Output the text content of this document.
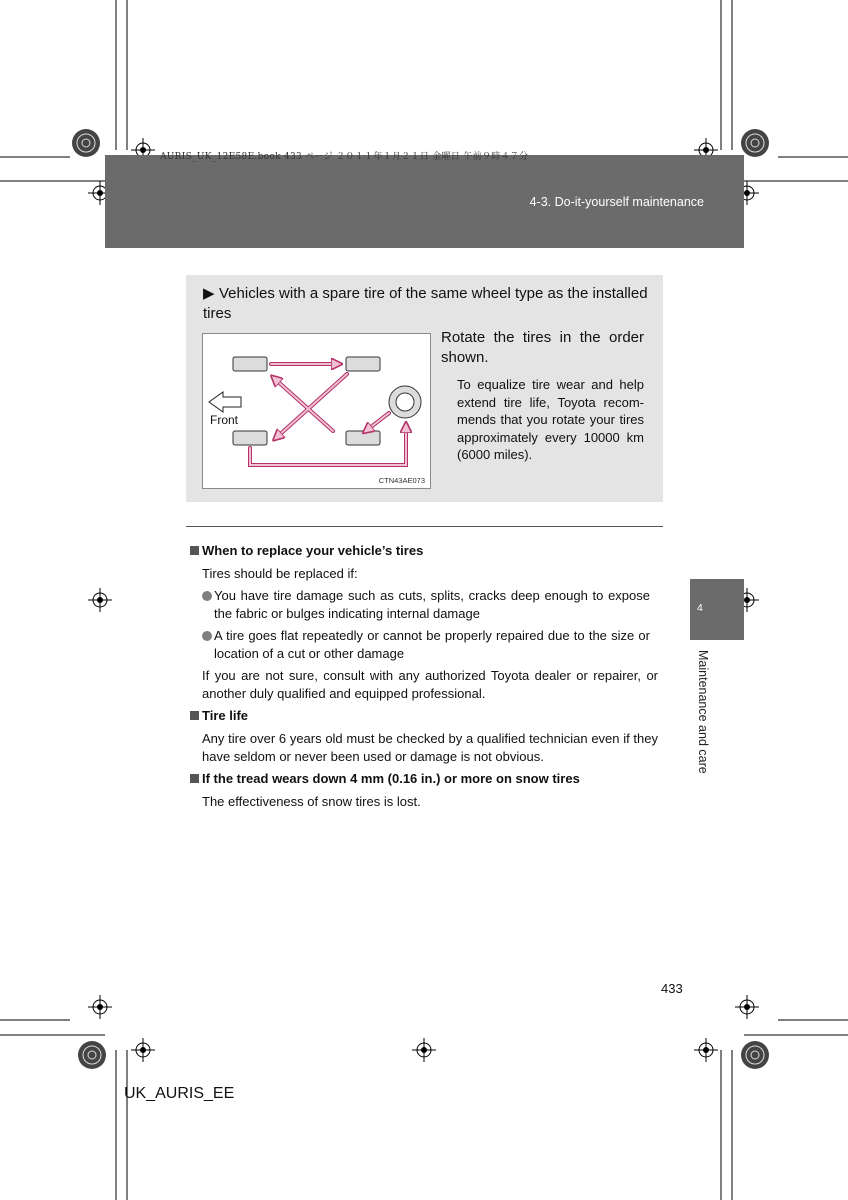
AURIS_UK_12E58E.book 433 ページ ２０１１年１月２１日 金曜日 午前９時４７分
4-3. Do-it-yourself maintenance
▶ Vehicles with a spare tire of the same wheel type as the installed tires
Front
CTN43AE073
Rotate the tires in the order shown.
To equalize tire wear and help extend tire life, Toyota recom-mends that you rotate your tires approximately every 10000 km (6000 miles).
When to replace your vehicle’s tires
Tires should be replaced if:
You have tire damage such as cuts, splits, cracks deep enough to expose the fabric or bulges indicating internal damage
A tire goes flat repeatedly or cannot be properly repaired due to the size or location of a cut or other damage
If you are not sure, consult with any authorized Toyota dealer or repairer, or another duly qualified and equipped professional.
Tire life
Any tire over 6 years old must be checked by a qualified technician even if they have seldom or never been used or damage is not obvious.
If the tread wears down 4 mm (0.16 in.) or more on snow tires
The effectiveness of snow tires is lost.
4
Maintenance and care
433
UK_AURIS_EE
